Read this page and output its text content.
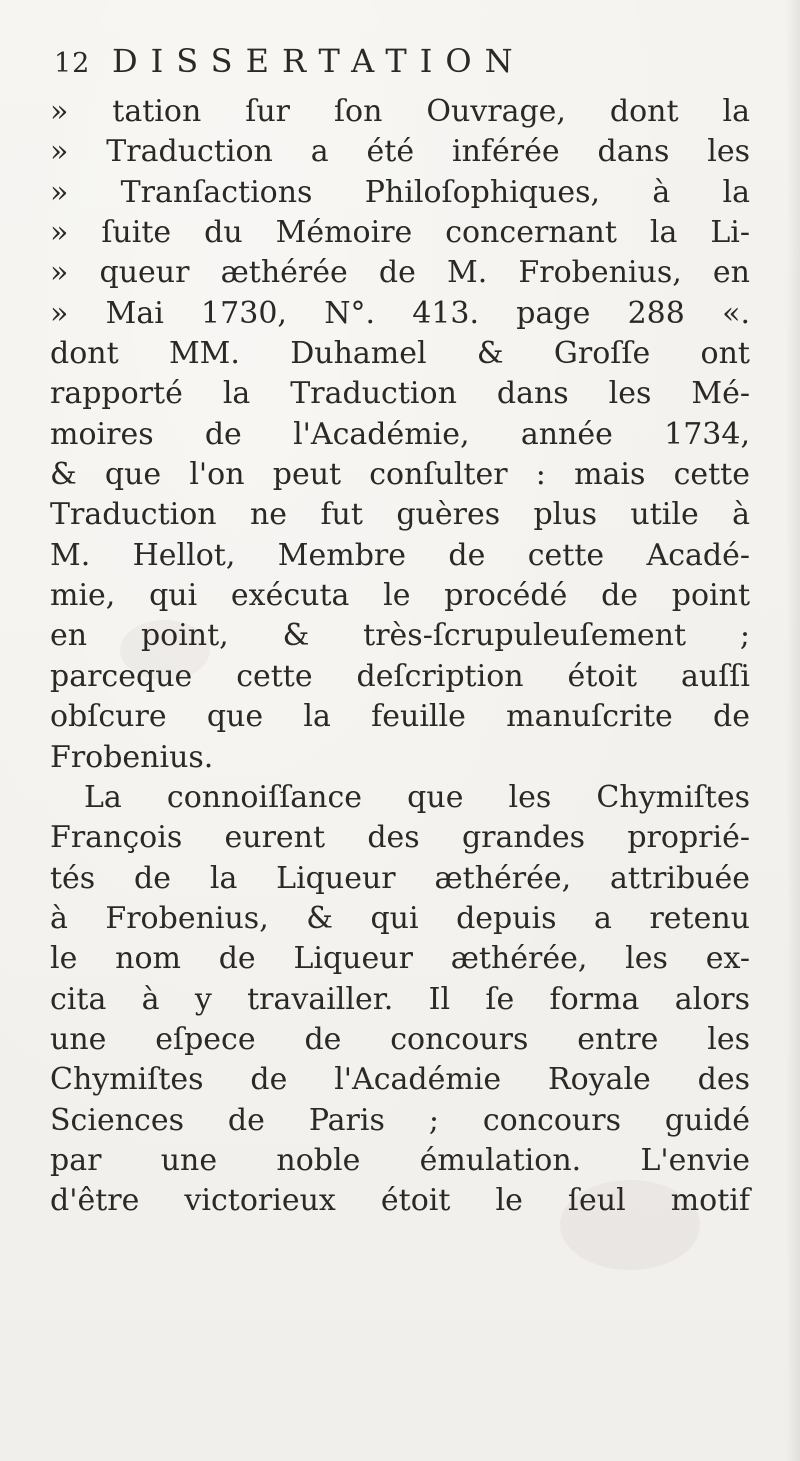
12 DISSERTATION
» tation ſur ſon Ouvrage, dont la
» Traduction a été inférée dans les
» Tranſactions Philoſophiques, à la
» ſuite du Mémoire concernant la Li-
» queur æthérée de M. Frobenius, en
» Mai 1730, N°. 413. page 288 «.
dont MM. Duhamel & Groſſe ont
rapporté la Traduction dans les Mé-
moires de l'Académie, année 1734,
& que l'on peut conſulter : mais cette
Traduction ne fut guères plus utile à
M. Hellot, Membre de cette Acadé-
mie, qui exécuta le procédé de point
en point, & très-ſcrupuleuſement ;
parceque cette deſcription étoit auſſi
obſcure que la feuille manuſcrite de
Frobenius.
La connoiſſance que les Chymiſtes
François eurent des grandes proprié-
tés de la Liqueur æthérée, attribuée
à Frobenius, & qui depuis a retenu
le nom de Liqueur æthérée, les ex-
cita à y travailler. Il ſe forma alors
une eſpece de concours entre les
Chymiſtes de l'Académie Royale des
Sciences de Paris ; concours guidé
par une noble émulation. L'envie
d'être victorieux étoit le ſeul motif
